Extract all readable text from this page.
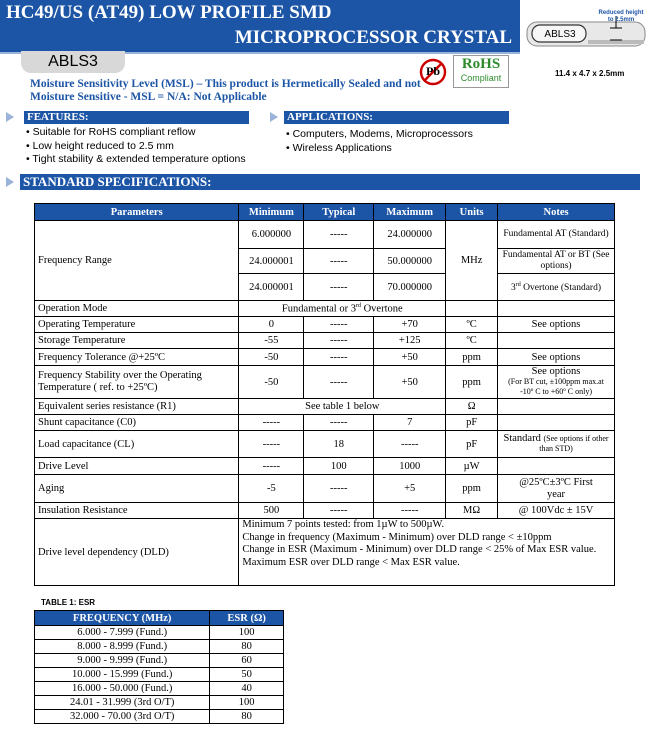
HC49/US (AT49) LOW PROFILE SMD
MICROPROCESSOR CRYSTAL	ABLS3
Reduced height to 2.5mm
11.4 x 4.7 x 2.5mm
ABLS3
Pb	RoHS
Compliant
Moisture Sensitivity Level (MSL) – This product is Hermetically Sealed and not Moisture Sensitive - MSL = N/A: Not Applicable
FEATURES:
• Suitable for RoHS compliant reflow
• Low height reduced to 2.5 mm
• Tight stability & extended temperature options
APPLICATIONS:
• Computers, Modems, Microprocessors
• Wireless Applications
STANDARD SPECIFICATIONS:
Parameters	Minimum	Typical	Maximum	Units	Notes
Frequency Range	6.000000	-----	24.000000	MHz	Fundamental AT (Standard)
	24.000001	-----	50.000000		Fundamental AT or BT (See options)
	24.000001	-----	70.000000		3rd Overtone (Standard)
Operation Mode	Fundamental or 3rd Overtone				
Operating Temperature	0	-----	+70	ºC	See options
Storage Temperature	-55	-----	+125	ºC	
Frequency Tolerance @+25ºC	-50	-----	+50	ppm	See options
Frequency Stability over the Operating Temperature ( ref. to +25ºC)	-50	-----	+50	ppm	See options
(For BT cut, ±100ppm max.at -10º C to +60º C only)

Equivalent series resistance (R1)	See table 1 below			Ω	
Shunt capacitance (C0)	-----	-----	7	pF	
Load capacitance (CL)	-----	18	-----	pF	Standard (See options if other than STD)
Drive Level	-----	100	1000	µW	
Aging	-5	-----	+5	ppm	@25ºC±3ºC First year
Insulation Resistance	500	-----	-----	MΩ	@ 100Vdc ± 15V
Drive level dependency (DLD)	Minimum 7 points tested: from 1µW to 500µW.
Change in frequency (Maximum - Minimum) over DLD range < ±10ppm
Change in ESR (Maximum - Minimum) over DLD range < 25% of Max ESR value.
Maximum ESR over DLD range < Max ESR value.				
TABLE 1: ESR
FREQUENCY (MHz)	ESR (Ω)
6.000 - 7.999 (Fund.)	100
8.000 - 8.999 (Fund.)	80
9.000 - 9.999 (Fund.)	60
10.000 - 15.999 (Fund.)	50
16.000 - 50.000 (Fund.)	40
24.01 - 31.999 (3rd O/T)	100
32.000 - 70.00 (3rd O/T)	80
